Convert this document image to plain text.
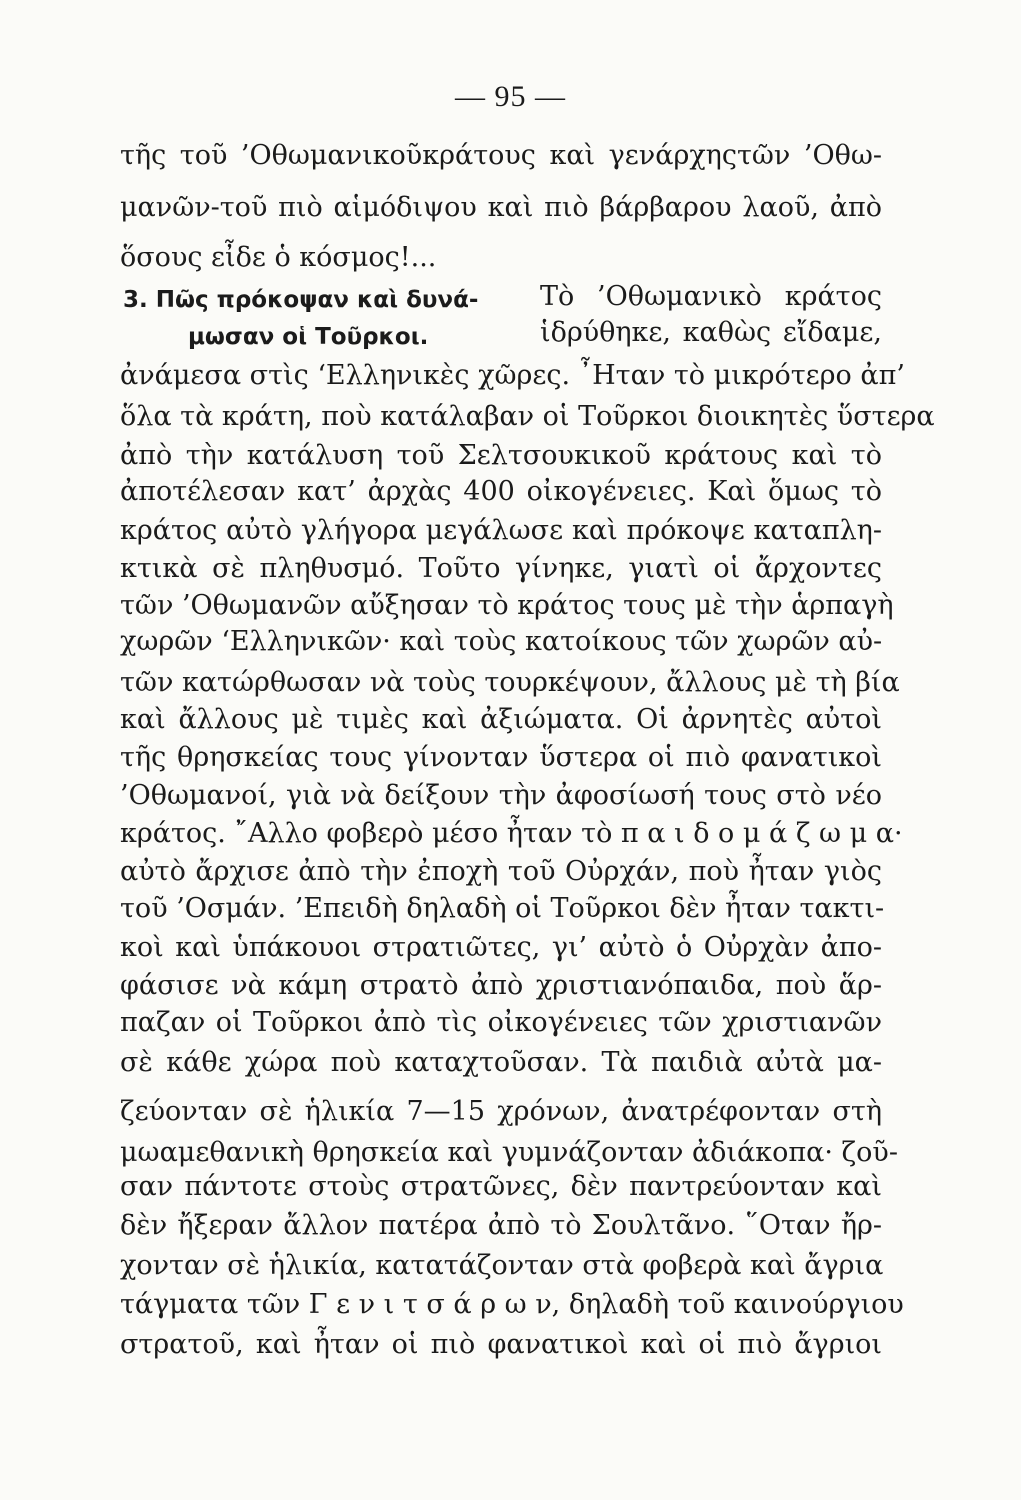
— 95 —
τῆς τοῦ ’Οθωμανικοῦκράτους καὶ γενάρχηςτῶν ’Οθω-
μανῶν-τοῦ πιὸ αἱμόδιψου καὶ πιὸ βάρβαρου λαοῦ, ἀπὸ
ὅσους εἶδε ὁ κόσμος!...
3. Πῶς πρόκοψαν καὶ δυνά-
μωσαν οἱ Τοῦρκοι.
Τὸ ’Οθωμανικὸ κράτος
ἱδρύθηκε, καθὼς εἴδαμε,
ἀνάμεσα στὶς ‘Ελληνικὲς χῶρες. ῏Ηταν τὸ μικρότερο ἀπ’
ὅλα τὰ κράτη, ποὺ κατάλαβαν οἱ Τοῦρκοι διοικητὲς ὕστερα
ἀπὸ τὴν κατάλυση τοῦ Σελτσουκικοῦ κράτους καὶ τὸ
ἀποτέλεσαν κατ’ ἀρχὰς 400 οἰκογένειες. Καὶ ὅμως τὸ
κράτος αὐτὸ γλήγορα μεγάλωσε καὶ πρόκοψε καταπλη-
κτικὰ σὲ πληθυσμό. Τοῦτο γίνηκε, γιατὶ οἱ ἄρχοντες
τῶν ’Οθωμανῶν αὔξησαν τὸ κράτος τους μὲ τὴν ἁρπαγὴ
χωρῶν ‘Ελληνικῶν· καὶ τοὺς κατοίκους τῶν χωρῶν αὐ-
τῶν κατώρθωσαν νὰ τοὺς τουρκέψουν, ἄλλους μὲ τὴ βία
καὶ ἄλλους μὲ τιμὲς καὶ ἀξιώματα. Οἱ ἀρνητὲς αὐτοὶ
τῆς θρησκείας τους γίνονταν ὕστερα οἱ πιὸ φανατικοὶ
’Οθωμανοί, γιὰ νὰ δείξουν τὴν ἀφοσίωσή τους στὸ νέο
κράτος. ῎Αλλο φοβερὸ μέσο ἦταν τὸ π α ι δ ο μ ά ζ ω μ α·
αὐτὸ ἄρχισε ἀπὸ τὴν ἐποχὴ τοῦ Οὐρχάν, ποὺ ἦταν γιὸς
τοῦ ’Οσμάν. ’Επειδὴ δηλαδὴ οἱ Τοῦρκοι δὲν ἦταν τακτι-
κοὶ καὶ ὑπάκουοι στρατιῶτες, γι’ αὐτὸ ὁ Οὐρχὰν ἀπο-
φάσισε νὰ κάμη στρατὸ ἀπὸ χριστιανόπαιδα, ποὺ ἅρ-
παζαν οἱ Τοῦρκοι ἀπὸ τὶς οἰκογένειες τῶν χριστιανῶν
σὲ κάθε χώρα ποὺ καταχτοῦσαν. Τὰ παιδιὰ αὐτὰ μα-
ζεύονταν σὲ ἡλικία 7—15 χρόνων, ἀνατρέφονταν στὴ
μωαμεθανικὴ θρησκεία καὶ γυμνάζονταν ἀδιάκοπα· ζοῦ-
σαν πάντοτε στοὺς στρατῶνες, δὲν παντρεύονταν καὶ
δὲν ἤξεραν ἄλλον πατέρα ἀπὸ τὸ Σουλτᾶνο. ῞Οταν ἤρ-
χονταν σὲ ἡλικία, κατατάζονταν στὰ φοβερὰ καὶ ἄγρια
τάγματα τῶν Γ ε ν ι τ σ ά ρ ω ν, δηλαδὴ τοῦ καινούργιου
στρατοῦ, καὶ ἦταν οἱ πιὸ φανατικοὶ καὶ οἱ πιὸ ἄγριοι
